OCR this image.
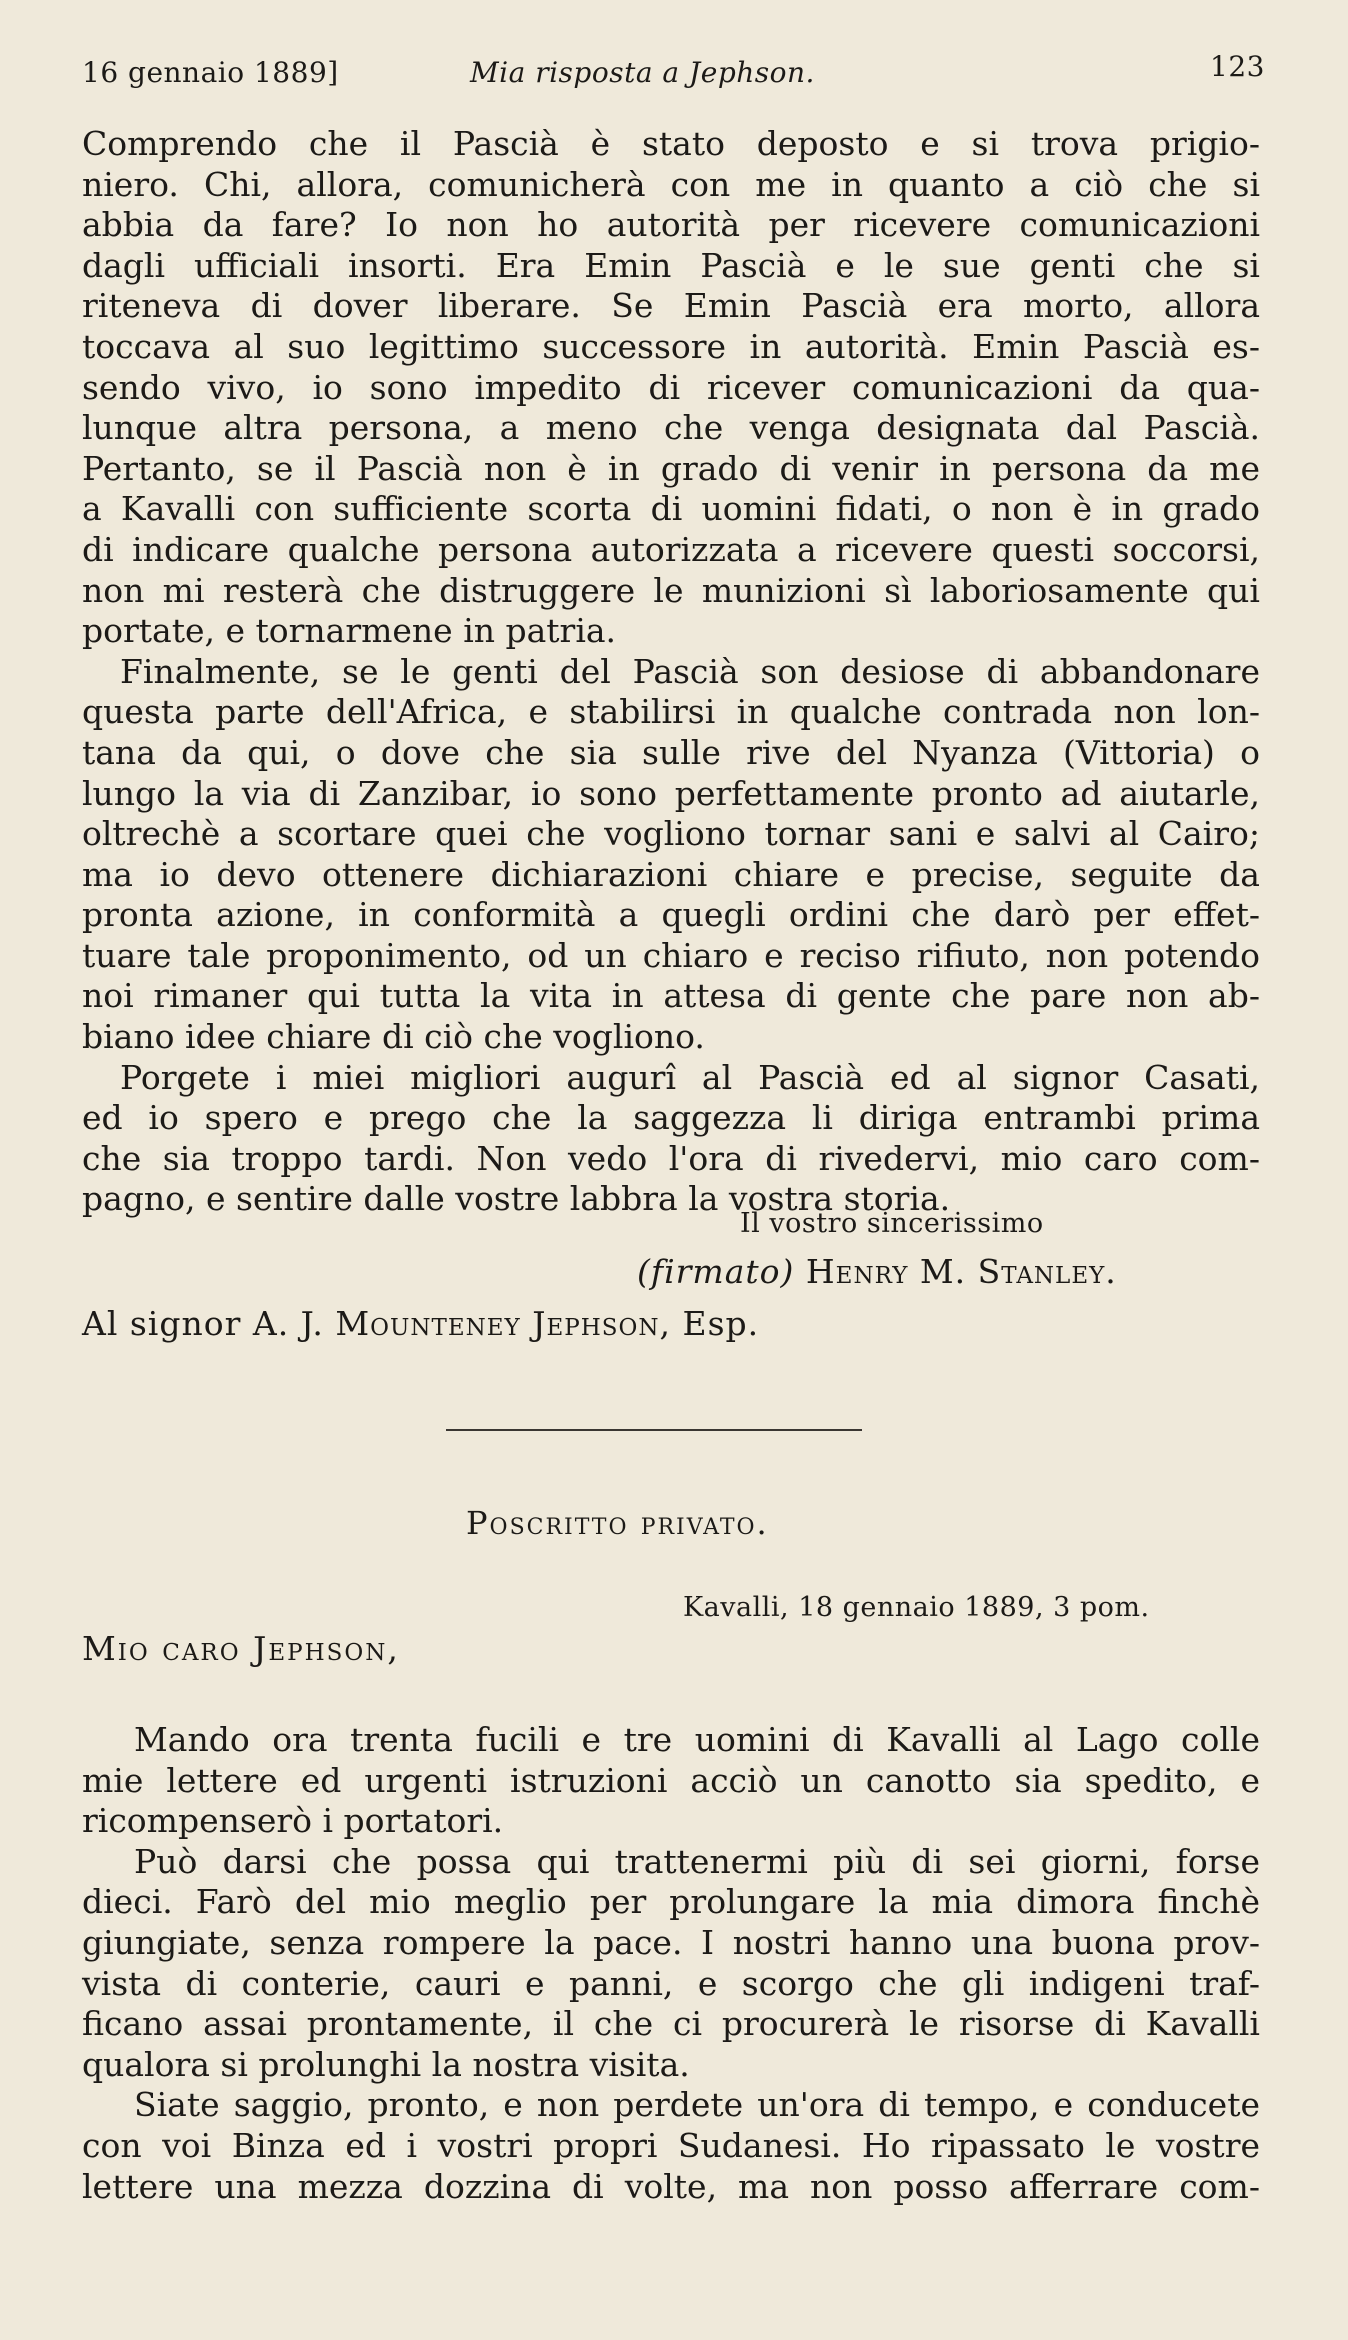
16 gennaio 1889]	Mia risposta a Jephson.	123
Comprendo che il Pascià è stato deposto e si trova prigio-
niero. Chi, allora, comunicherà con me in quanto a ciò che si
abbia da fare? Io non ho autorità per ricevere comunicazioni
dagli ufficiali insorti. Era Emin Pascià e le sue genti che si
riteneva di dover liberare. Se Emin Pascià era morto, allora
toccava al suo legittimo successore in autorità. Emin Pascià es-
sendo vivo, io sono impedito di ricever comunicazioni da qua-
lunque altra persona, a meno che venga designata dal Pascià.
Pertanto, se il Pascià non è in grado di venir in persona da me
a Kavalli con sufficiente scorta di uomini fidati, o non è in grado
di indicare qualche persona autorizzata a ricevere questi soccorsi,
non mi resterà che distruggere le munizioni sì laboriosamente qui
portate, e tornarmene in patria.
Finalmente, se le genti del Pascià son desiose di abbandonare
questa parte dell'Africa, e stabilirsi in qualche contrada non lon-
tana da qui, o dove che sia sulle rive del Nyanza (Vittoria) o
lungo la via di Zanzibar, io sono perfettamente pronto ad aiutarle,
oltrechè a scortare quei che vogliono tornar sani e salvi al Cairo;
ma io devo ottenere dichiarazioni chiare e precise, seguite da
pronta azione, in conformità a quegli ordini che darò per effet-
tuare tale proponimento, od un chiaro e reciso rifiuto, non potendo
noi rimaner qui tutta la vita in attesa di gente che pare non ab-
biano idee chiare di ciò che vogliono.
Porgete i miei migliori augurî al Pascià ed al signor Casati,
ed io spero e prego che la saggezza li diriga entrambi prima
che sia troppo tardi. Non vedo l'ora di rivedervi, mio caro com-
pagno, e sentire dalle vostre labbra la vostra storia.
Il vostro sincerissimo
(firmato) Henry M. Stanley.
Al signor A. J. Mounteney Jephson, Esp.
Poscritto privato.
Kavalli, 18 gennaio 1889, 3 pom.
Mio caro Jephson,
Mando ora trenta fucili e tre uomini di Kavalli al Lago colle
mie lettere ed urgenti istruzioni acciò un canotto sia spedito, e
ricompenserò i portatori.
Può darsi che possa qui trattenermi più di sei giorni, forse
dieci. Farò del mio meglio per prolungare la mia dimora finchè
giungiate, senza rompere la pace. I nostri hanno una buona prov-
vista di conterie, cauri e panni, e scorgo che gli indigeni traf-
ficano assai prontamente, il che ci procurerà le risorse di Kavalli
qualora si prolunghi la nostra visita.
Siate saggio, pronto, e non perdete un'ora di tempo, e conducete
con voi Binza ed i vostri propri Sudanesi. Ho ripassato le vostre
lettere una mezza dozzina di volte, ma non posso afferrare com-
